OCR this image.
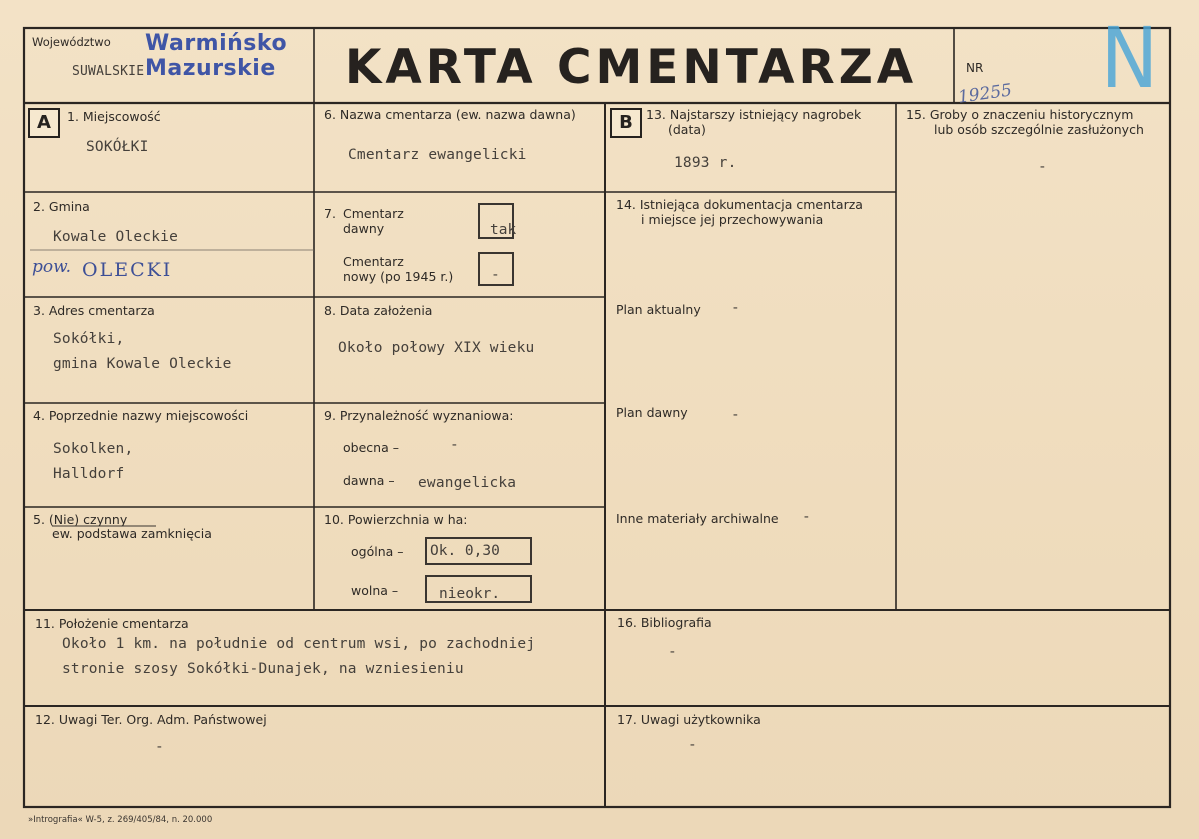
Województwo
SUWALSKIE
Warmińsko
Mazurskie KARTA CMENTARZA	NR
19255 N
A	1. Miejscowość
SOKÓŁKI
2. Gmina
Kowale Oleckie
pow. OLECKI
3. Adres cmentarza
Sokółki,
gmina Kowale Oleckie
4. Poprzednie nazwy miejscowości
Sokolken,
Halldorf
5. (Nie) czynny
ew. podstawa zamknięcia
6. Nazwa cmentarza (ew. nazwa dawna)
Cmentarz ewangelicki
7. Cmentarz
dawny	tak
Cmentarz
nowy (po 1945 r.)	-
8. Data założenia
Około połowy XIX wieku
9. Przynależność wyznaniowa:
obecna –	-
dawna – ewangelicka
10. Powierzchnia w ha:
ogólna –	Ok. 0,30
wolna –	nieokr.
B	13. Najstarszy istniejący nagrobek
(data)
1893 r.
14. Istniejąca dokumentacja cmentarza
i miejsce jej przechowywania
Plan aktualny -
Plan dawny	-
Inne materiały archiwalne -
15. Groby o znaczeniu historycznym
lub osób szczególnie zasłużonych
-
11. Położenie cmentarza
Około 1 km. na południe od centrum wsi, po zachodniej
stronie szosy Sokółki-Dunajek, na wzniesieniu
16. Bibliografia
-
12. Uwagi Ter. Org. Adm. Państwowej
-
17. Uwagi użytkownika
-
»Intrografia« W-5, z. 269/405/84, n. 20.000
